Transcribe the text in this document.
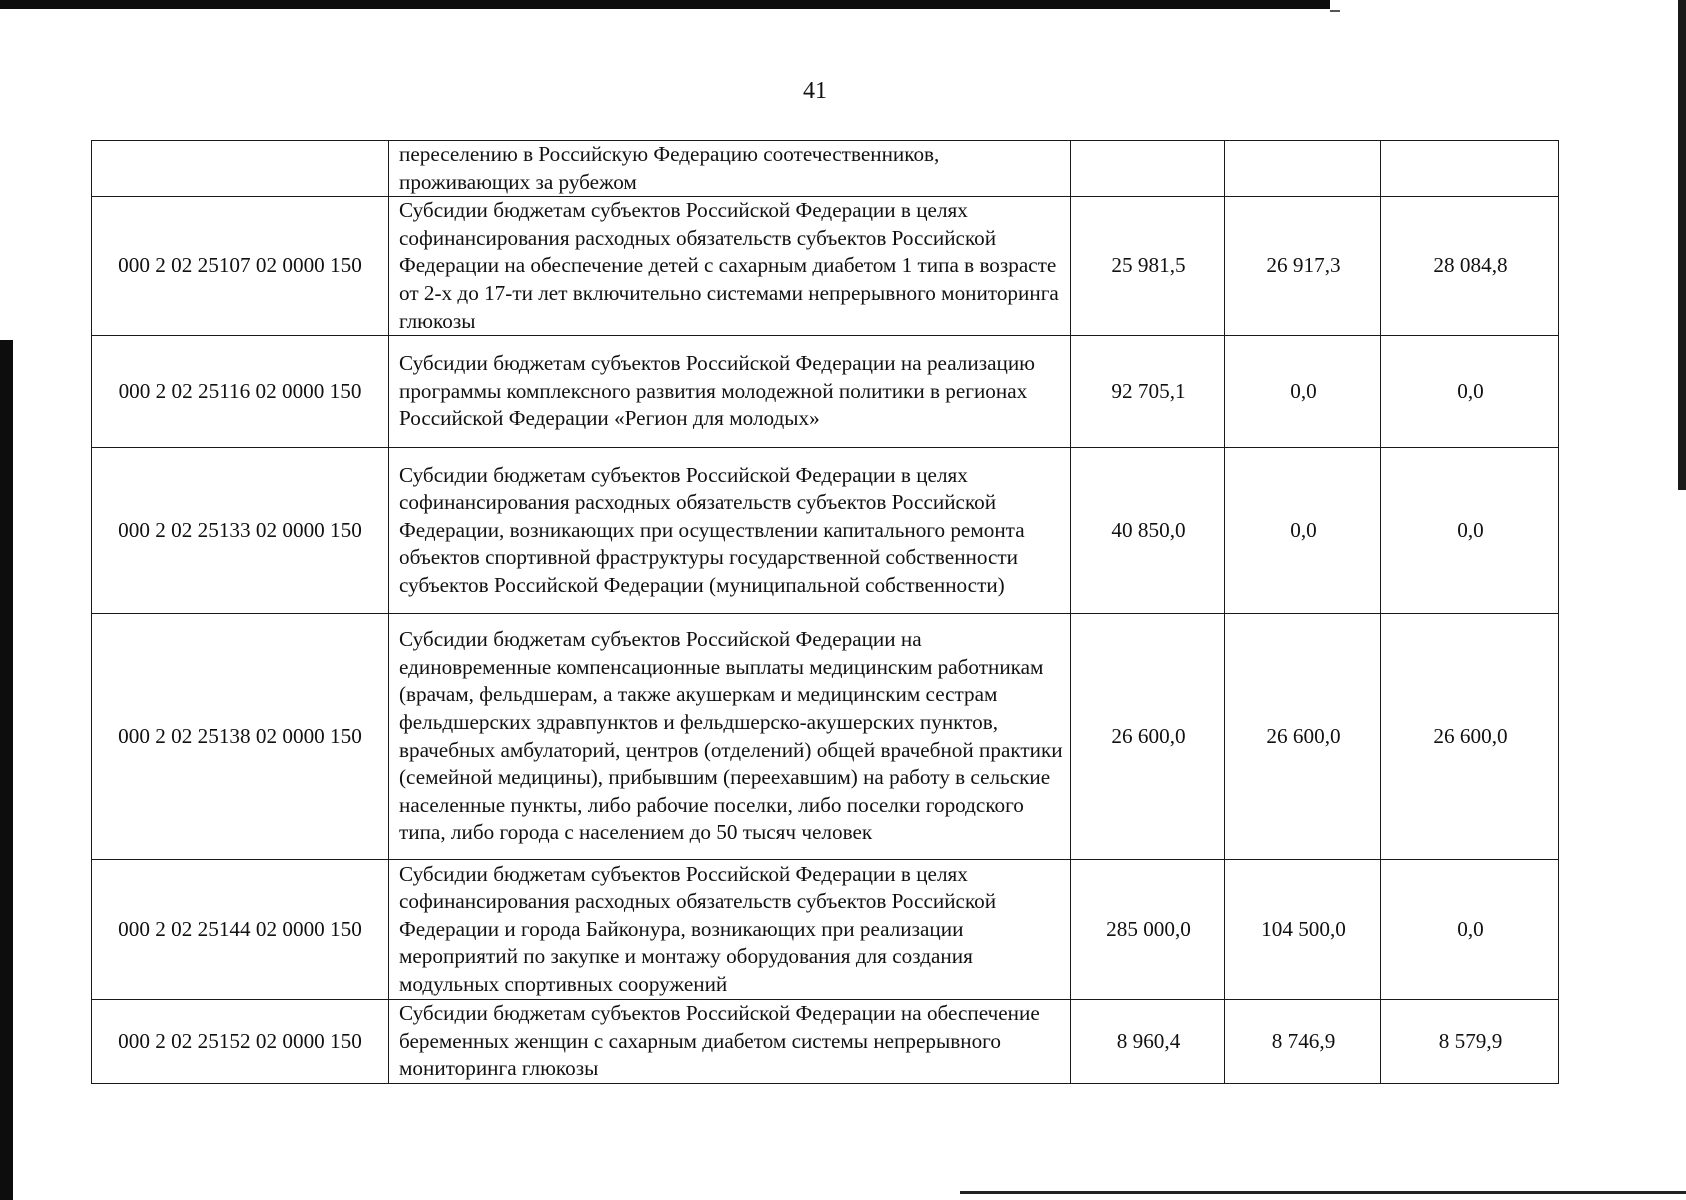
41
	переселению в Российскую Федерацию соотечественников, проживающих за рубежом			
000 2 02 25107 02 0000 150	Субсидии бюджетам субъектов Российской Федерации в целях софинансирования расходных обязательств субъектов Российской Федерации на обеспечение детей с сахарным диабетом 1 типа в возрасте от 2-х до 17-ти лет включительно системами непрерывного мониторинга глюкозы	25 981,5	26 917,3	28 084,8
000 2 02 25116 02 0000 150	Субсидии бюджетам субъектов Российской Федерации на реализацию программы комплексного развития молодежной политики в регионах Российской Федерации «Регион для молодых»	92 705,1	0,0	0,0
000 2 02 25133 02 0000 150	Субсидии бюджетам субъектов Российской Федерации в целях софинансирования расходных обязательств субъектов Российской Федерации, возникающих при осуществлении капитального ремонта объектов спортивной фраструктуры государственной собственности субъектов Российской Федерации (муниципальной собственности)	40 850,0	0,0	0,0
000 2 02 25138 02 0000 150	Субсидии бюджетам субъектов Российской Федерации на единовременные компенсационные выплаты медицинским работникам (врачам, фельдшерам, а также акушеркам и медицинским сестрам фельдшерских здравпунктов и фельдшерско-акушерских пунктов, врачебных амбулаторий, центров (отделений) общей врачебной практики (семейной медицины), прибывшим (переехавшим) на работу в сельские населенные пункты, либо рабочие поселки, либо поселки городского типа, либо города с населением до 50 тысяч человек	26 600,0	26 600,0	26 600,0
000 2 02 25144 02 0000 150	Субсидии бюджетам субъектов Российской Федерации в целях софинансирования расходных обязательств субъектов Российской Федерации и города Байконура, возникающих при реализации мероприятий по закупке и монтажу оборудования для создания модульных спортивных сооружений	285 000,0	104 500,0	0,0
000 2 02 25152 02 0000 150	Субсидии бюджетам субъектов Российской Федерации на обеспечение беременных женщин с сахарным диабетом системы непрерывного мониторинга глюкозы	8 960,4	8 746,9	8 579,9
